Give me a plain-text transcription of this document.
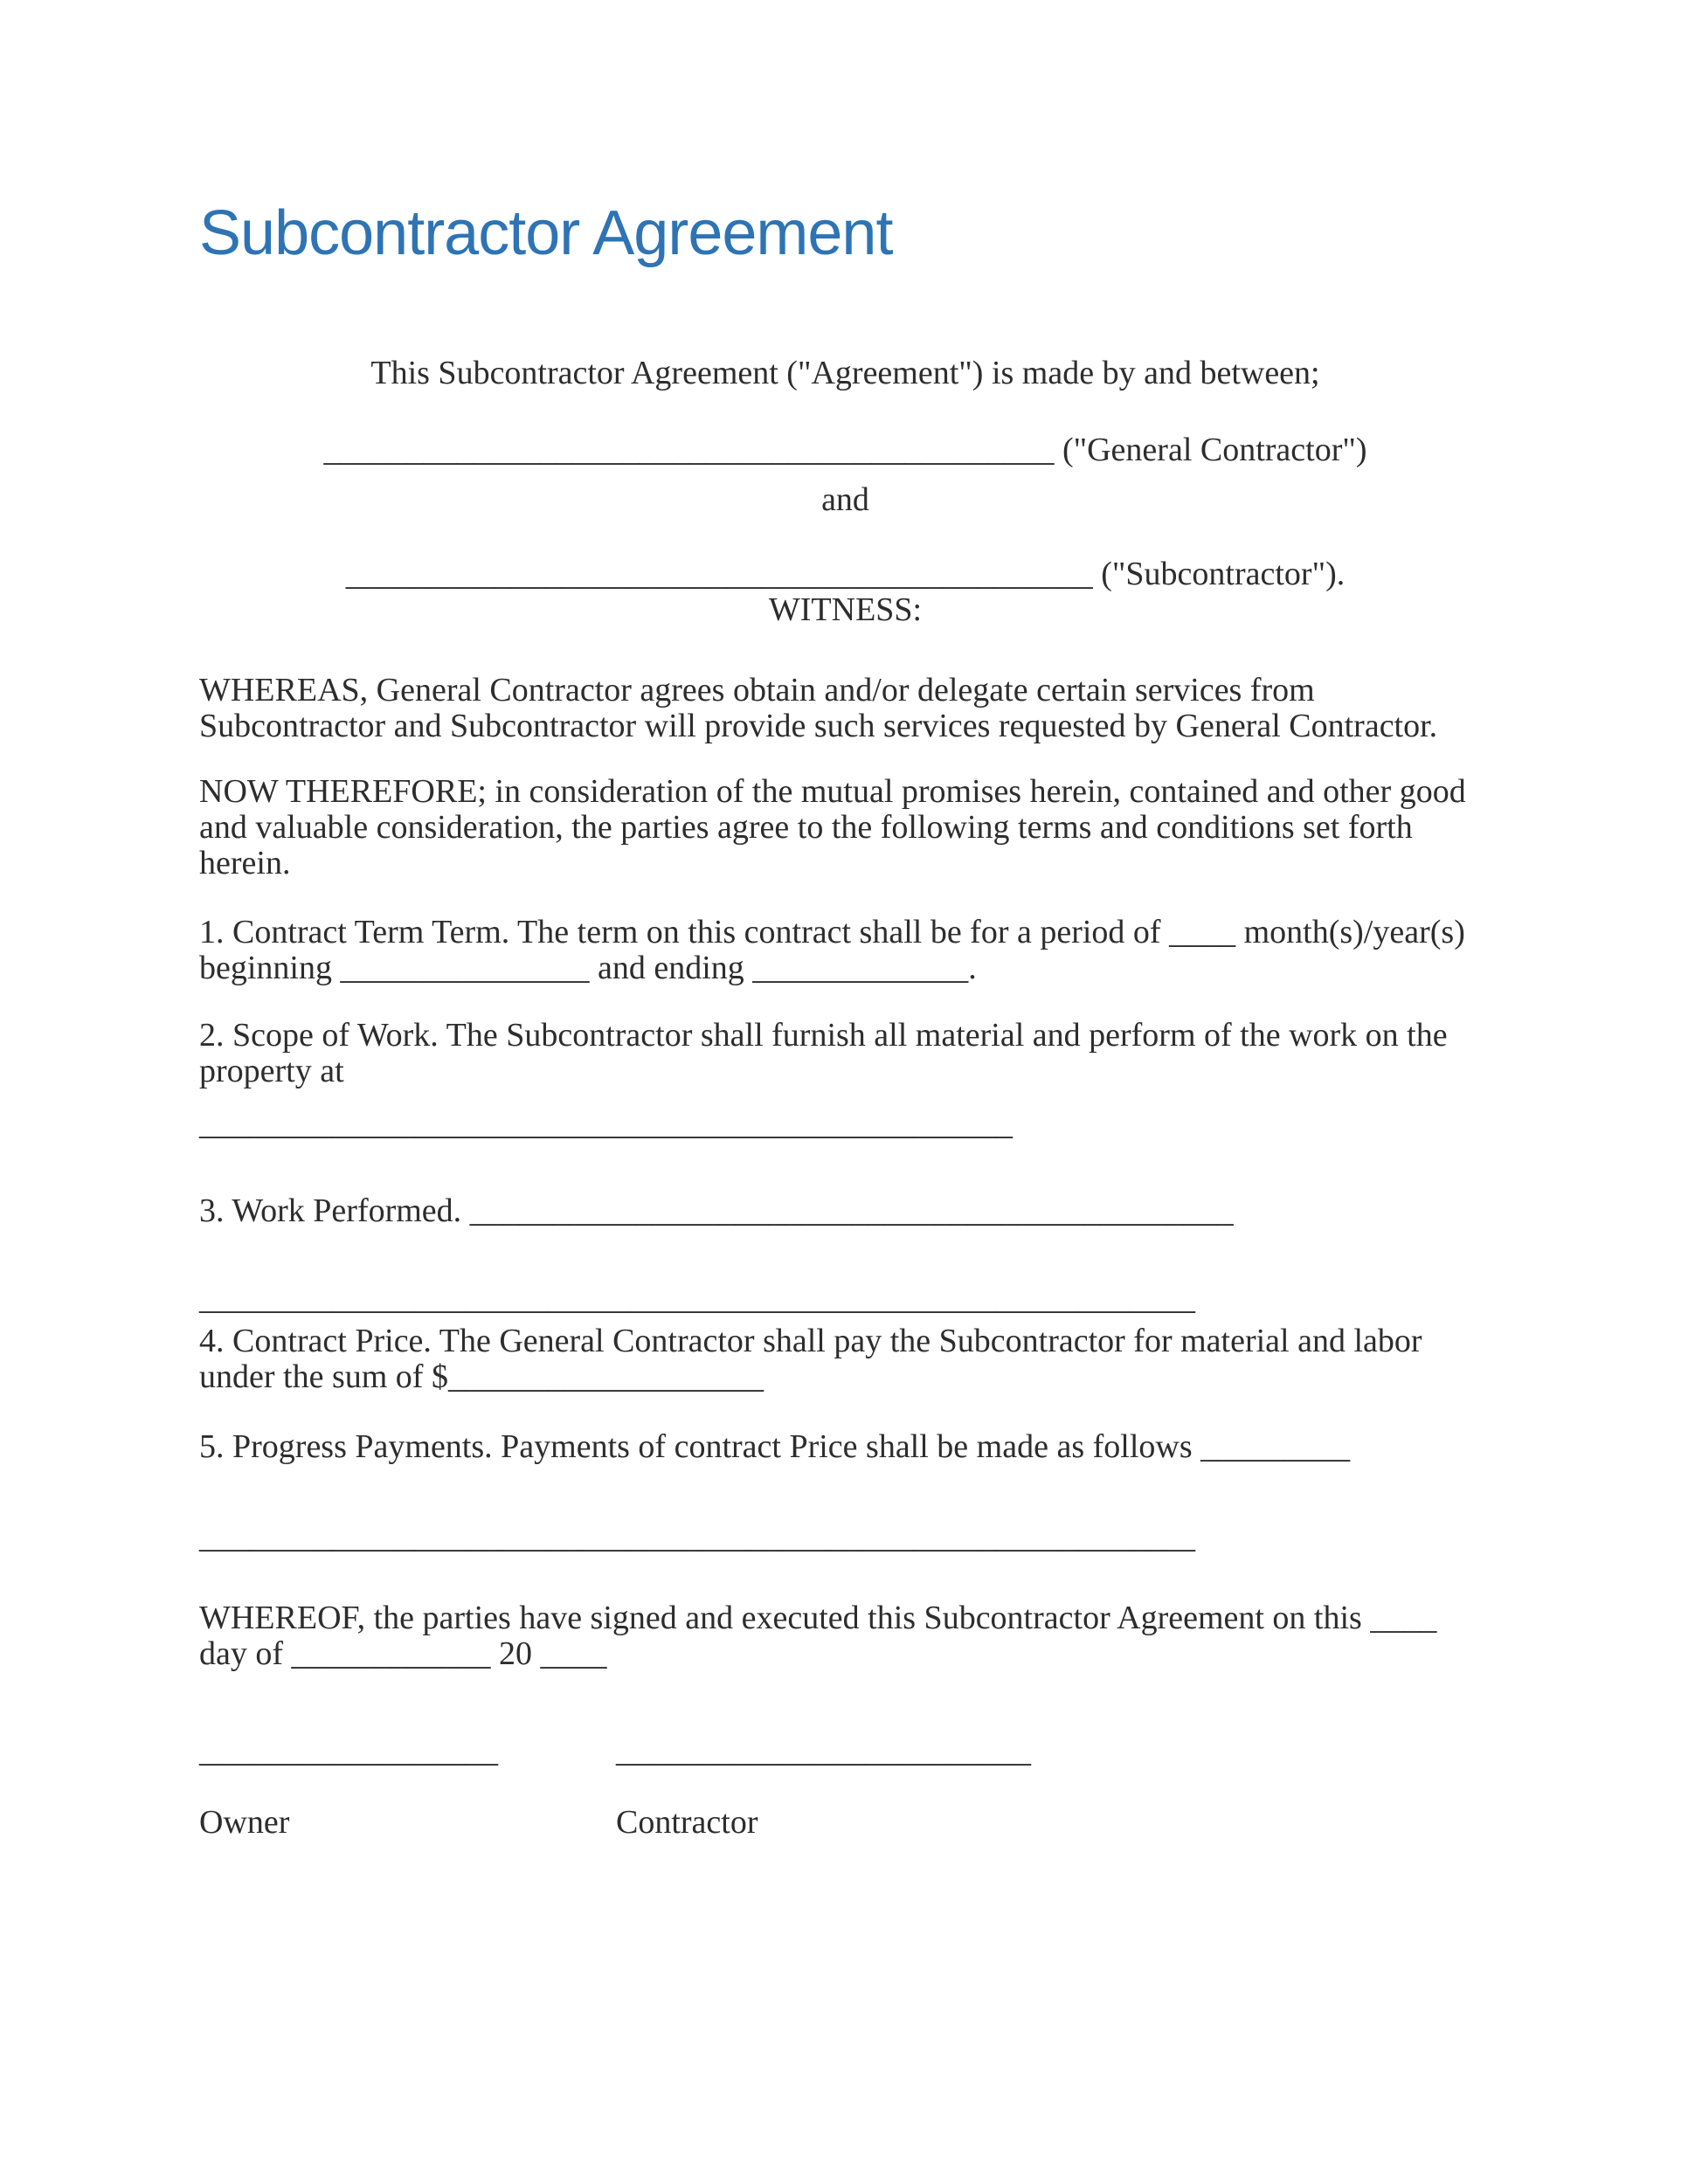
Subcontractor Agreement

This Subcontractor Agreement ("Agreement") is made by and between;

____________________________________________ ("General Contractor")

and

_____________________________________________ ("Subcontractor").

WITNESS:

WHEREAS, General Contractor agrees obtain and/or delegate certain services from Subcontractor and Subcontractor will provide such services requested by General Contractor.

NOW THEREFORE; in consideration of the mutual promises herein, contained and other good and valuable consideration, the parties agree to the following terms and conditions set forth herein.

1. Contract Term Term. The term on this contract shall be for a period of ____ month(s)/year(s) beginning _______________ and ending _____________.

2. Scope of Work. The Subcontractor shall furnish all material and perform of the work on the property at

_________________________________________________

3. Work Performed. ______________________________________________

____________________________________________________________

4. Contract Price. The General Contractor shall pay the Subcontractor for material and labor under the sum of $___________________

5. Progress Payments. Payments of contract Price shall be made as follows _________

____________________________________________________________

WHEREOF, the parties have signed and executed this Subcontractor Agreement on this ____ day of ____________ 20 ____

__________________	_________________________
Owner	Contractor
